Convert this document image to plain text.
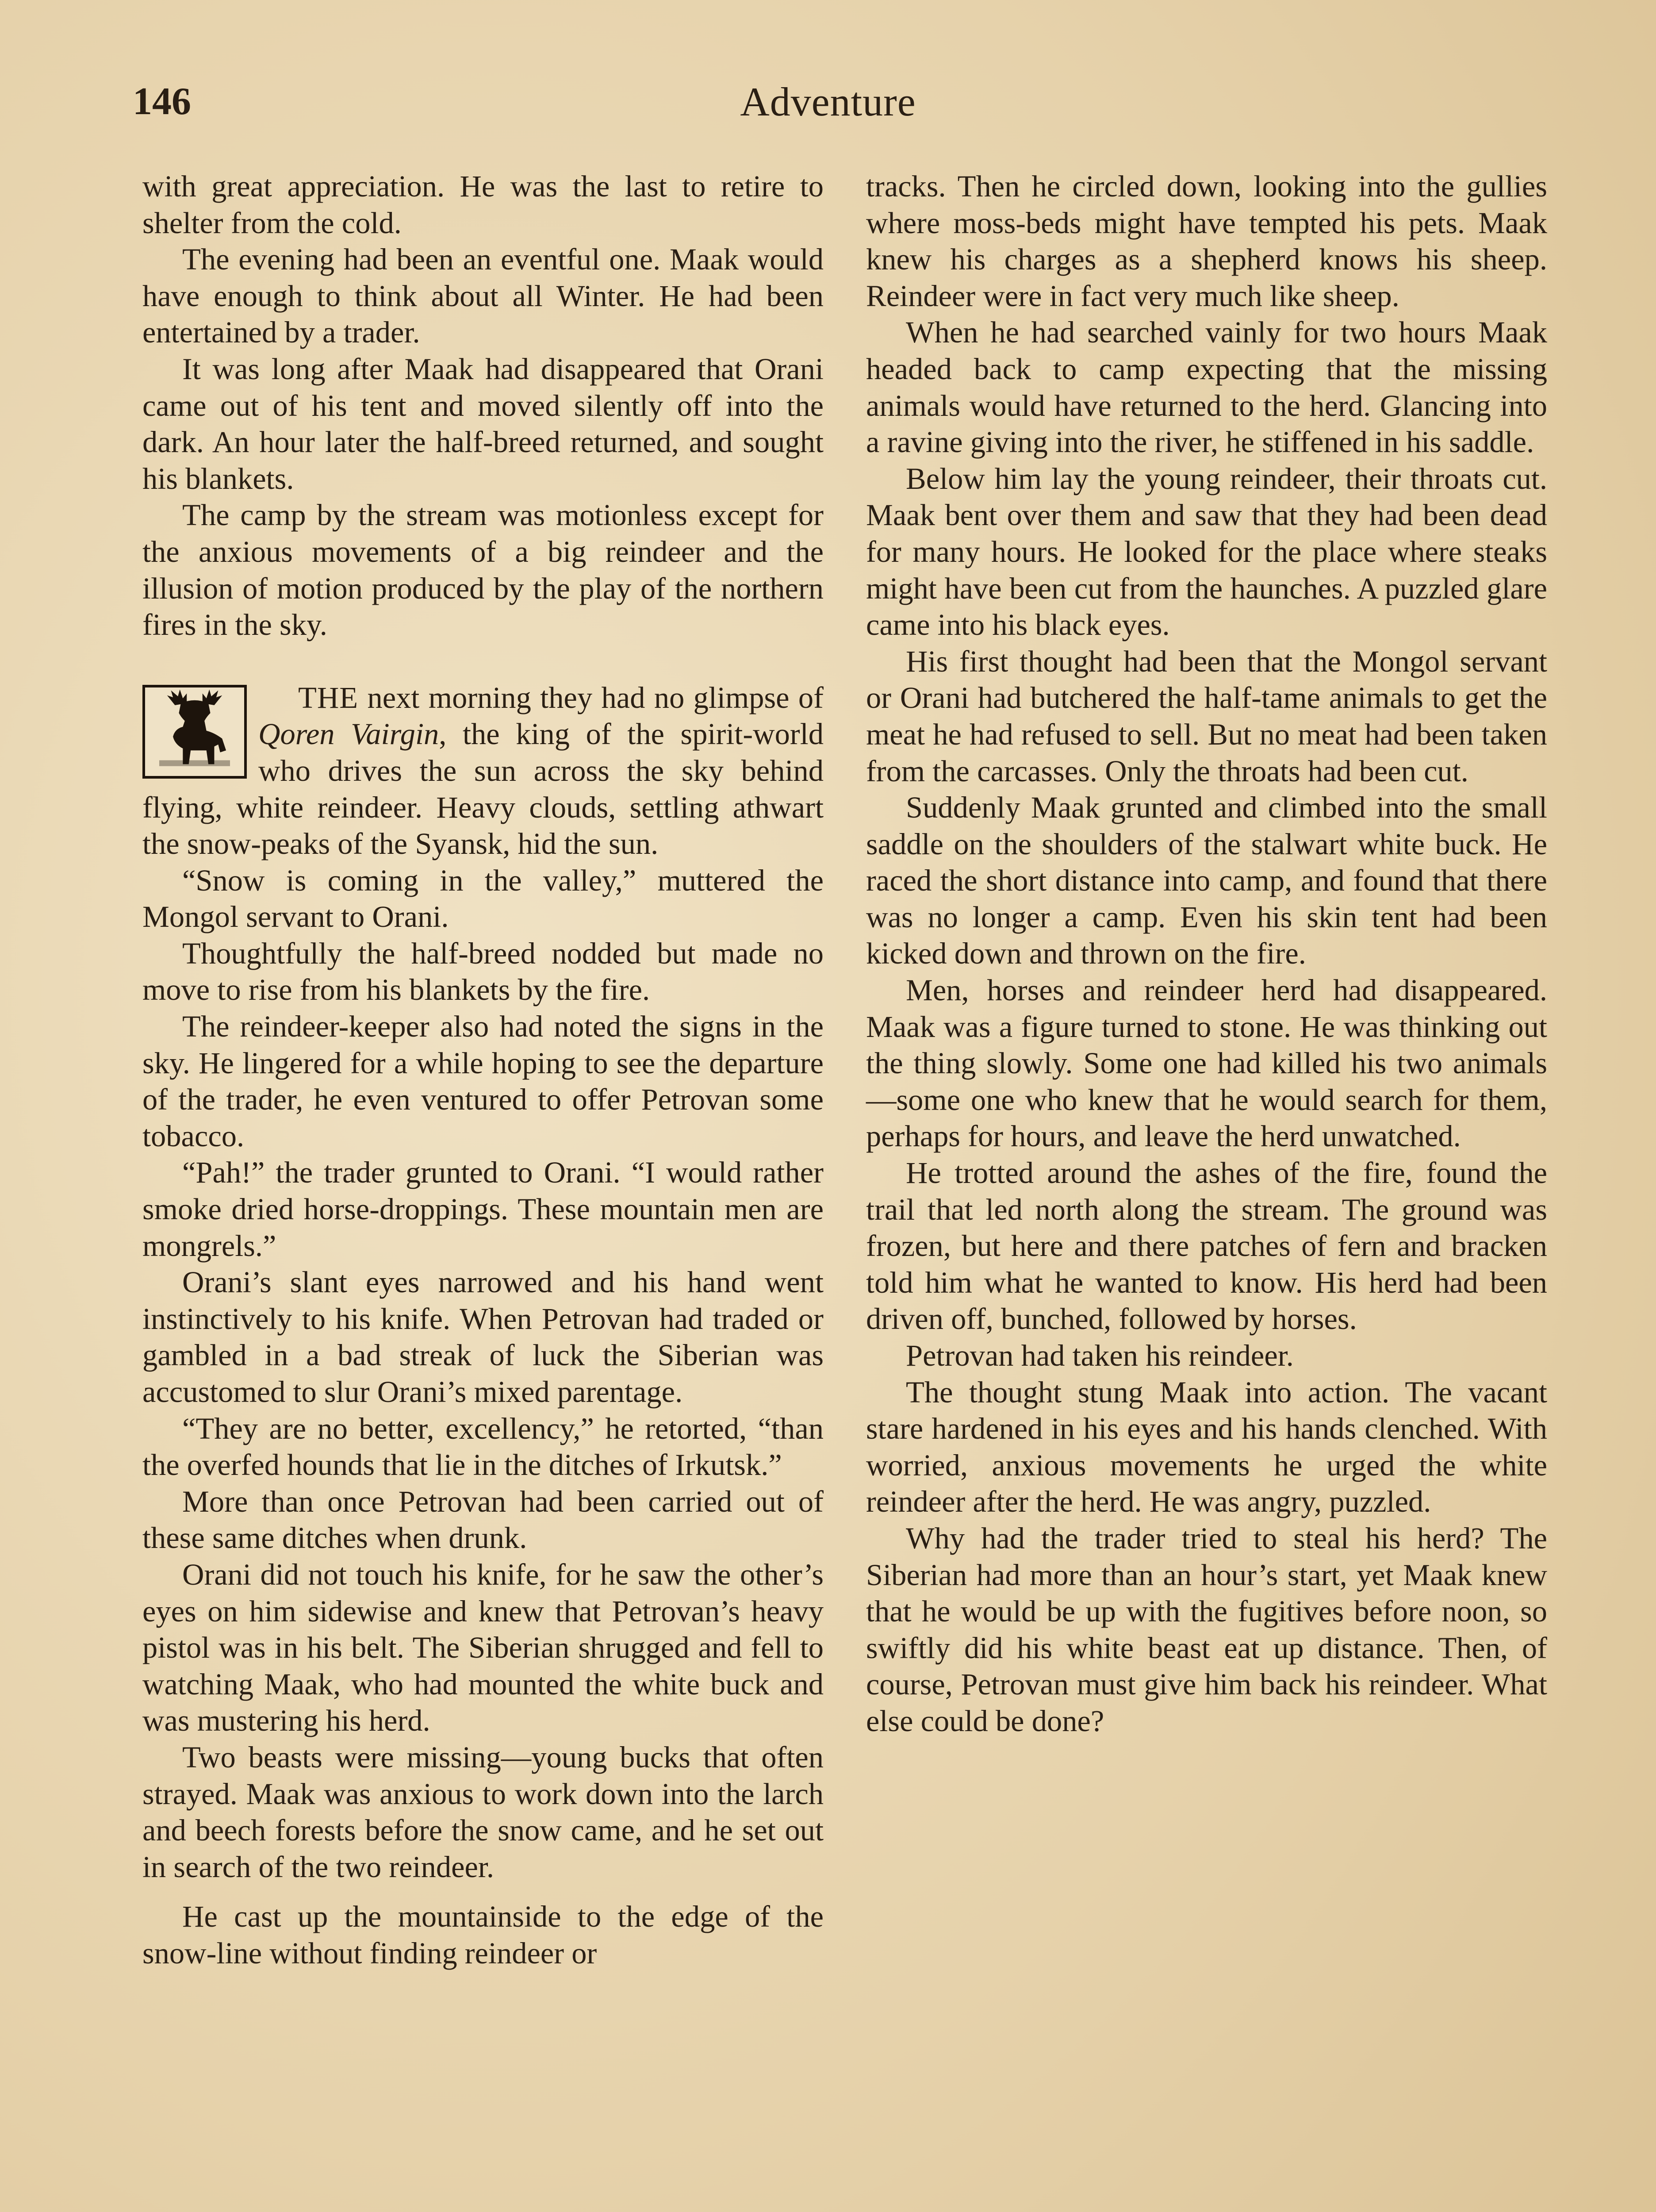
146	Adventure

with great appreciation. He was the last to retire to shelter from the cold.

The evening had been an eventful one. Maak would have enough to think about all Winter. He had been entertained by a trader.

It was long after Maak had disappeared that Orani came out of his tent and moved silently off into the dark. An hour later the half-breed returned, and sought his blankets.

The camp by the stream was motionless except for the anxious movements of a big reindeer and the illusion of motion produced by the play of the northern fires in the sky.

THE next morning they had no glimpse of Qoren Vairgin, the king of the spirit-world who drives the sun across the sky behind flying, white reindeer. Heavy clouds, settling athwart the snow-peaks of the Syansk, hid the sun.

“Snow is coming in the valley,” muttered the Mongol servant to Orani.

Thoughtfully the half-breed nodded but made no move to rise from his blankets by the fire.

The reindeer-keeper also had noted the signs in the sky. He lingered for a while hoping to see the departure of the trader, he even ventured to offer Petrovan some tobacco.

“Pah!” the trader grunted to Orani. “I would rather smoke dried horse-droppings. These mountain men are mongrels.”

Orani’s slant eyes narrowed and his hand went instinctively to his knife. When Petrovan had traded or gambled in a bad streak of luck the Siberian was accustomed to slur Orani’s mixed parentage.

“They are no better, excellency,” he retorted, “than the overfed hounds that lie in the ditches of Irkutsk.”

More than once Petrovan had been carried out of these same ditches when drunk.

Orani did not touch his knife, for he saw the other’s eyes on him sidewise and knew that Petrovan’s heavy pistol was in his belt. The Siberian shrugged and fell to watching Maak, who had mounted the white buck and was mustering his herd.

Two beasts were missing—young bucks that often strayed. Maak was anxious to work down into the larch and beech forests before the snow came, and he set out in search of the two reindeer.

He cast up the mountainside to the edge of the snow-line without finding reindeer or

tracks. Then he circled down, looking into the gullies where moss-beds might have tempted his pets. Maak knew his charges as a shepherd knows his sheep. Reindeer were in fact very much like sheep.

When he had searched vainly for two hours Maak headed back to camp expecting that the missing animals would have returned to the herd. Glancing into a ravine giving into the river, he stiffened in his saddle.

Below him lay the young reindeer, their throats cut. Maak bent over them and saw that they had been dead for many hours. He looked for the place where steaks might have been cut from the haunches. A puzzled glare came into his black eyes.

His first thought had been that the Mongol servant or Orani had butchered the half-tame animals to get the meat he had refused to sell. But no meat had been taken from the carcasses. Only the throats had been cut.

Suddenly Maak grunted and climbed into the small saddle on the shoulders of the stalwart white buck. He raced the short distance into camp, and found that there was no longer a camp. Even his skin tent had been kicked down and thrown on the fire.

Men, horses and reindeer herd had disappeared. Maak was a figure turned to stone. He was thinking out the thing slowly. Some one had killed his two animals—some one who knew that he would search for them, perhaps for hours, and leave the herd unwatched.

He trotted around the ashes of the fire, found the trail that led north along the stream. The ground was frozen, but here and there patches of fern and bracken told him what he wanted to know. His herd had been driven off, bunched, followed by horses.

Petrovan had taken his reindeer.

The thought stung Maak into action. The vacant stare hardened in his eyes and his hands clenched. With worried, anxious movements he urged the white reindeer after the herd. He was angry, puzzled.

Why had the trader tried to steal his herd? The Siberian had more than an hour’s start, yet Maak knew that he would be up with the fugitives before noon, so swiftly did his white beast eat up distance. Then, of course, Petrovan must give him back his reindeer. What else could be done?
